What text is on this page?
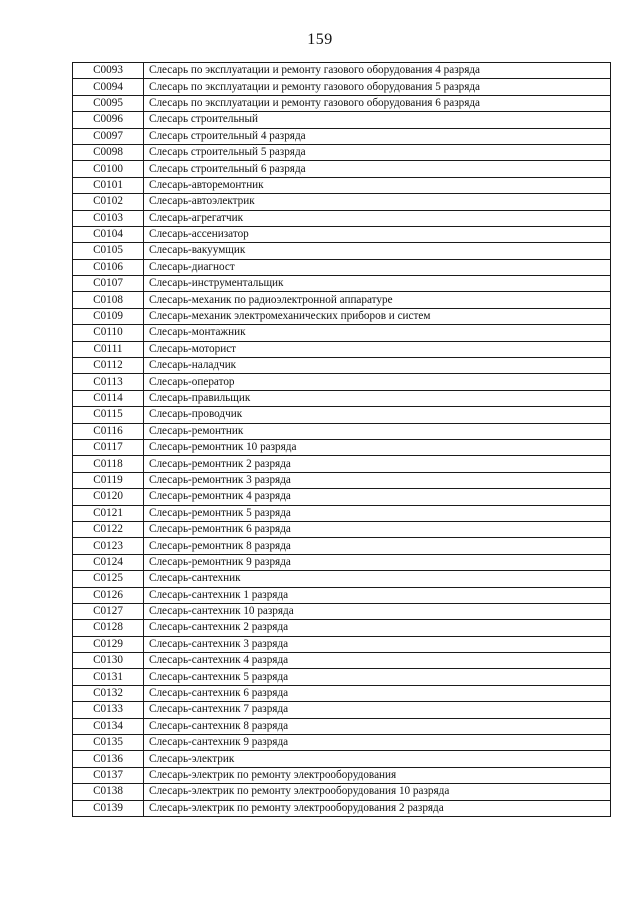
159
С0093	Слесарь по эксплуатации и ремонту газового оборудования 4 разряда
С0094	Слесарь по эксплуатации и ремонту газового оборудования 5 разряда
С0095	Слесарь по эксплуатации и ремонту газового оборудования 6 разряда
С0096	Слесарь строительный
С0097	Слесарь строительный 4 разряда
С0098	Слесарь строительный 5 разряда
С0100	Слесарь строительный 6 разряда
С0101	Слесарь-авторемонтник
С0102	Слесарь-автоэлектрик
С0103	Слесарь-агрегатчик
С0104	Слесарь-ассенизатор
С0105	Слесарь-вакуумщик
С0106	Слесарь-диагност
С0107	Слесарь-инструментальщик
С0108	Слесарь-механик по радиоэлектронной аппаратуре
С0109	Слесарь-механик электромеханических приборов и систем
С0110	Слесарь-монтажник
С0111	Слесарь-моторист
С0112	Слесарь-наладчик
С0113	Слесарь-оператор
С0114	Слесарь-правильщик
С0115	Слесарь-проводчик
С0116	Слесарь-ремонтник
С0117	Слесарь-ремонтник 10 разряда
С0118	Слесарь-ремонтник 2 разряда
С0119	Слесарь-ремонтник 3 разряда
С0120	Слесарь-ремонтник 4 разряда
С0121	Слесарь-ремонтник 5 разряда
С0122	Слесарь-ремонтник 6 разряда
С0123	Слесарь-ремонтник 8 разряда
С0124	Слесарь-ремонтник 9 разряда
С0125	Слесарь-сантехник
С0126	Слесарь-сантехник 1 разряда
С0127	Слесарь-сантехник 10 разряда
С0128	Слесарь-сантехник 2 разряда
С0129	Слесарь-сантехник 3 разряда
С0130	Слесарь-сантехник 4 разряда
С0131	Слесарь-сантехник 5 разряда
С0132	Слесарь-сантехник 6 разряда
С0133	Слесарь-сантехник 7 разряда
С0134	Слесарь-сантехник 8 разряда
С0135	Слесарь-сантехник 9 разряда
С0136	Слесарь-электрик
С0137	Слесарь-электрик по ремонту электрооборудования
С0138	Слесарь-электрик по ремонту электрооборудования 10 разряда
С0139	Слесарь-электрик по ремонту электрооборудования 2 разряда
